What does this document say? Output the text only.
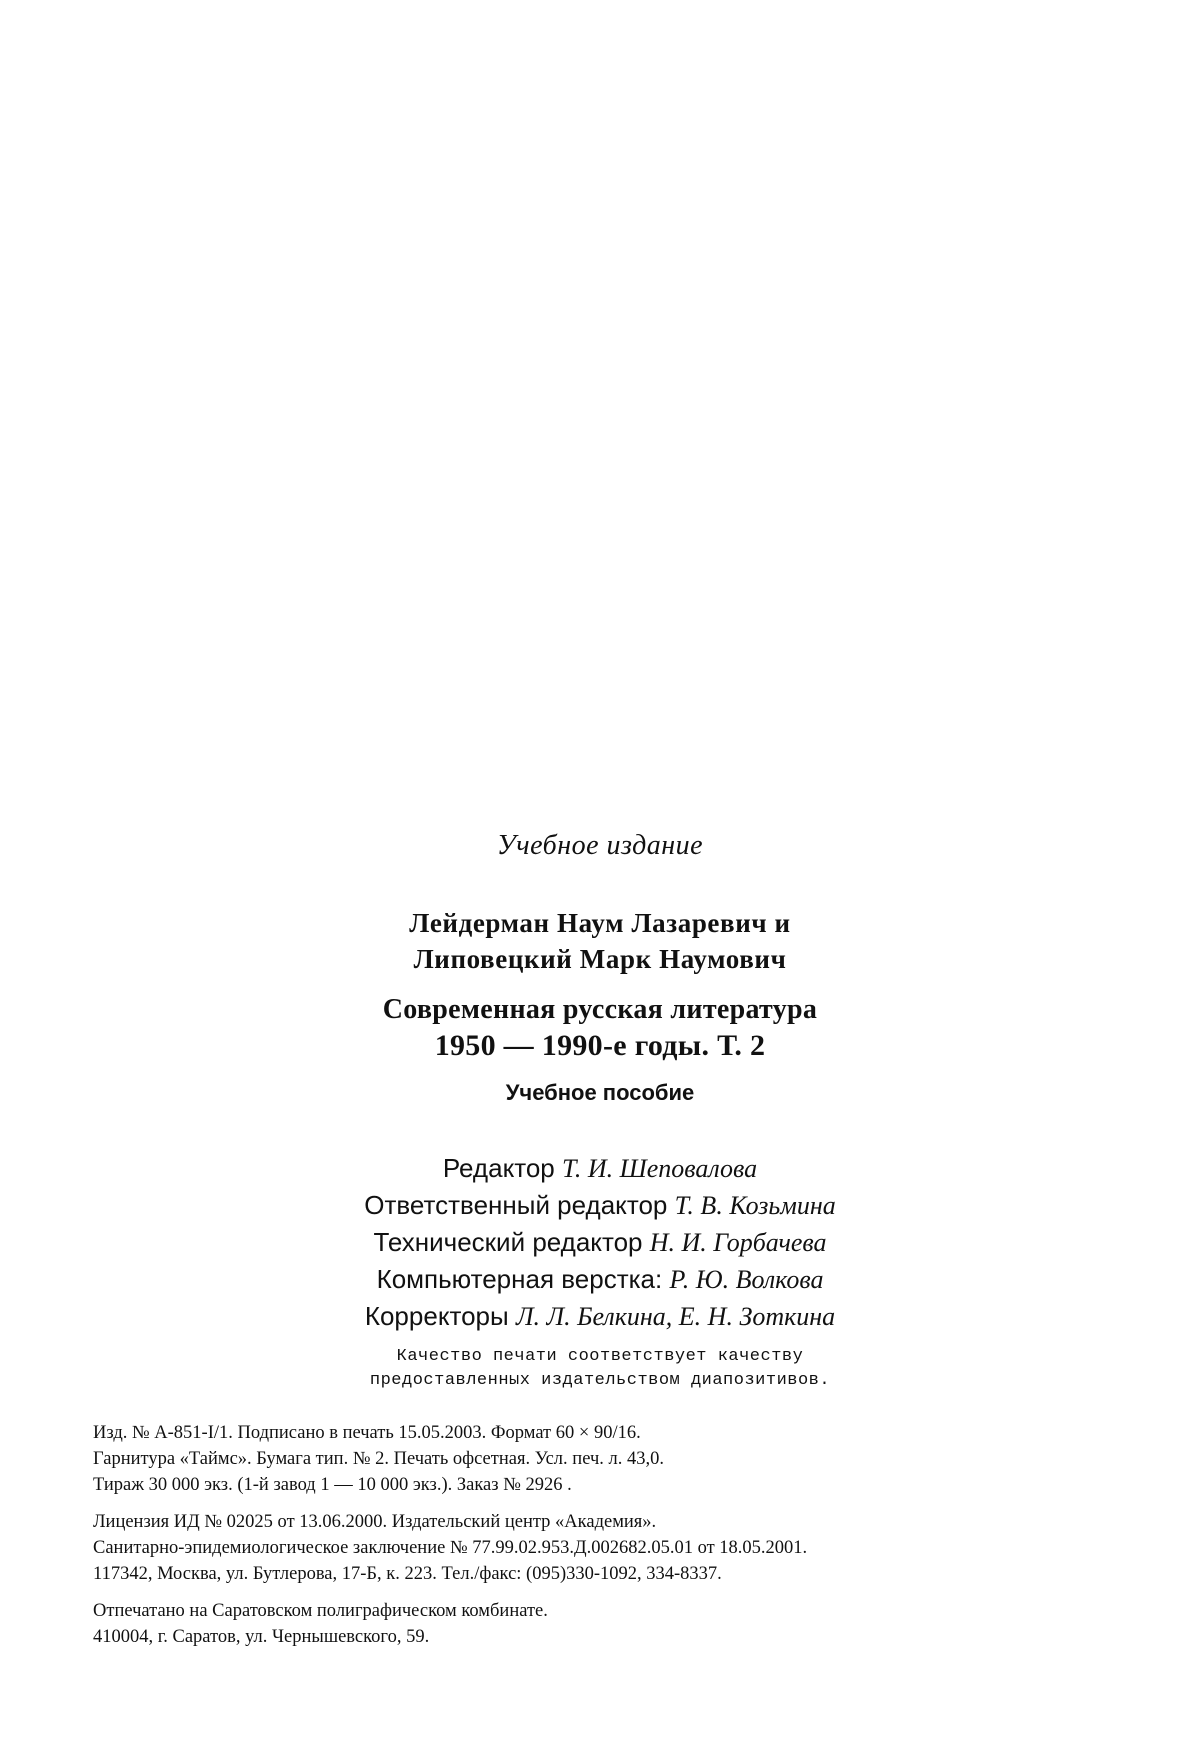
Учебное издание
Лейдерман Наум Лазаревич и
Липовецкий Марк Наумович
Современная русская литература
1950 — 1990-е годы. Т. 2
Учебное пособие
Редактор Т. И. Шеповалова
Ответственный редактор Т. В. Козьмина
Технический редактор Н. И. Горбачева
Компьютерная верстка: Р. Ю. Волкова
Корректоры Л. Л. Белкина, Е. Н. Зоткина
Качество печати соответствует качеству
предоставленных издательством диапозитивов.
Изд. № А-851-I/1. Подписано в печать 15.05.2003. Формат 60 × 90/16.
Гарнитура «Таймс». Бумага тип. № 2. Печать офсетная. Усл. печ. л. 43,0.
Тираж 30 000 экз. (1-й завод 1 — 10 000 экз.). Заказ № 2926 .
Лицензия ИД № 02025 от 13.06.2000. Издательский центр «Академия».
Санитарно-эпидемиологическое заключение № 77.99.02.953.Д.002682.05.01 от 18.05.2001.
117342, Москва, ул. Бутлерова, 17-Б, к. 223. Тел./факс: (095)330-1092, 334-8337.
Отпечатано на Саратовском полиграфическом комбинате.
410004, г. Саратов, ул. Чернышевского, 59.
